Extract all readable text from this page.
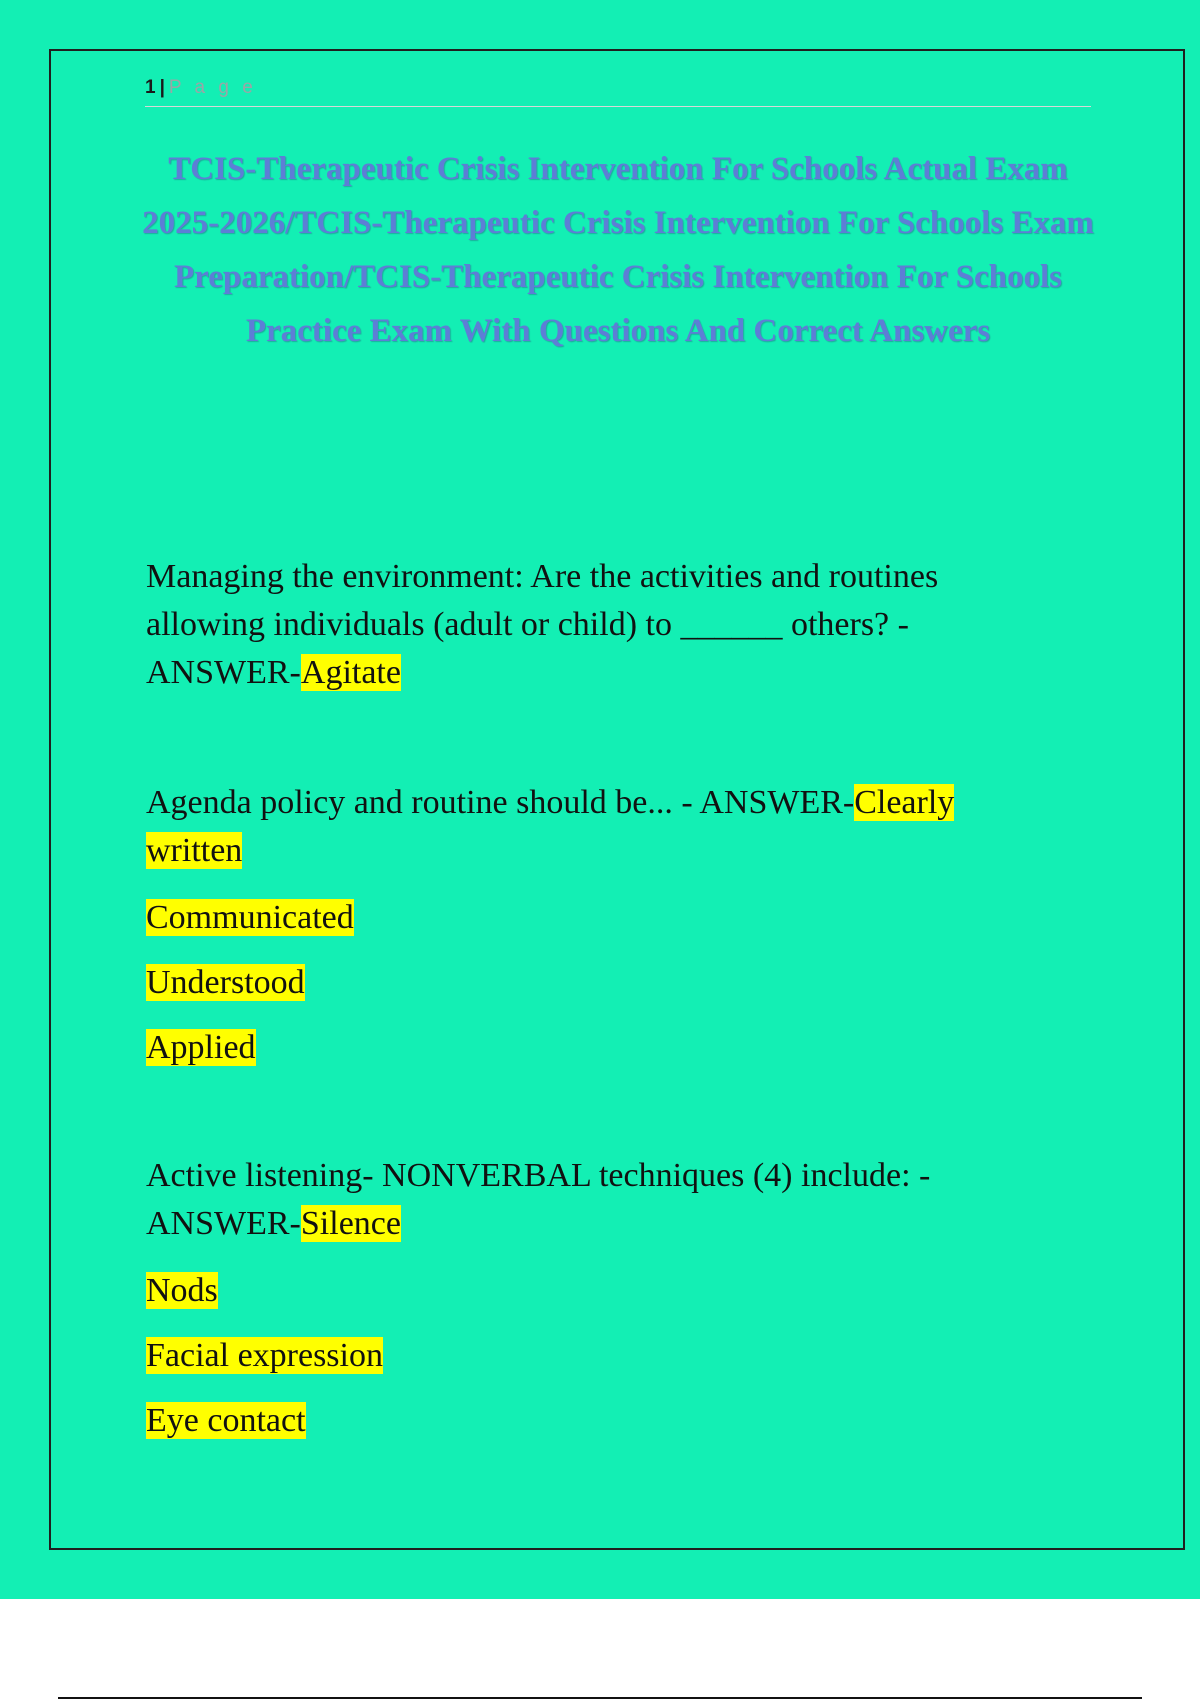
1 | P a g e
TCIS-Therapeutic Crisis Intervention For Schools Actual Exam 2025-2026/TCIS-Therapeutic Crisis Intervention For Schools Exam Preparation/TCIS-Therapeutic Crisis Intervention For Schools Practice Exam With Questions And Correct Answers

Managing the environment: Are the activities and routines allowing individuals (adult or child) to ______ others? - ANSWER-Agitate

Agenda policy and routine should be... - ANSWER-Clearly written

Communicated

Understood

Applied

Active listening- NONVERBAL techniques (4) include: - ANSWER-Silence

Nods

Facial expression

Eye contact
